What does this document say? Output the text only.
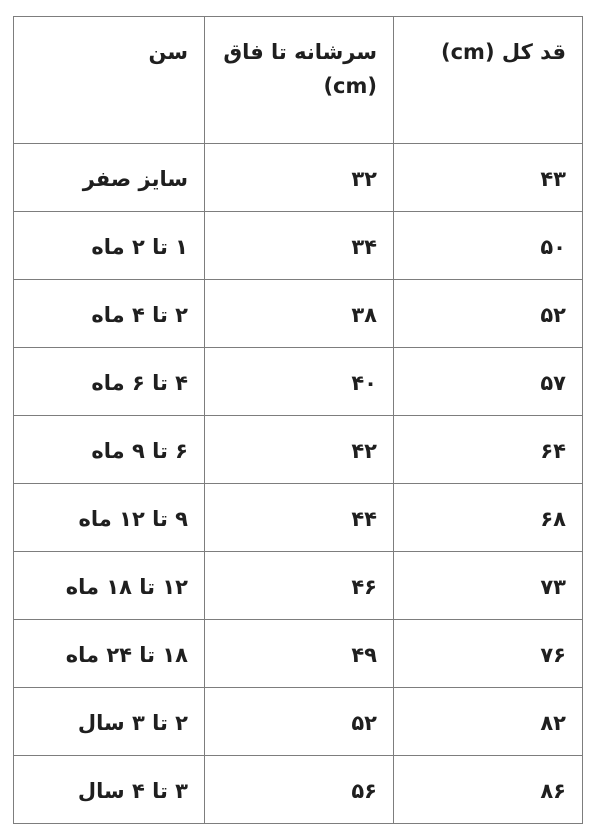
سن	سرشانه تا فاق (cm)	قد کل (cm)
سایز صفر	۳۲	۴۳
۱ تا ۲ ماه	۳۴	۵۰
۲ تا ۴ ماه	۳۸	۵۲
۴ تا ۶ ماه	۴۰	۵۷
۶ تا ۹ ماه	۴۲	۶۴
۹ تا ۱۲ ماه	۴۴	۶۸
۱۲ تا ۱۸ ماه	۴۶	۷۳
۱۸ تا ۲۴ ماه	۴۹	۷۶
۲ تا ۳ سال	۵۲	۸۲
۳ تا ۴ سال	۵۶	۸۶
